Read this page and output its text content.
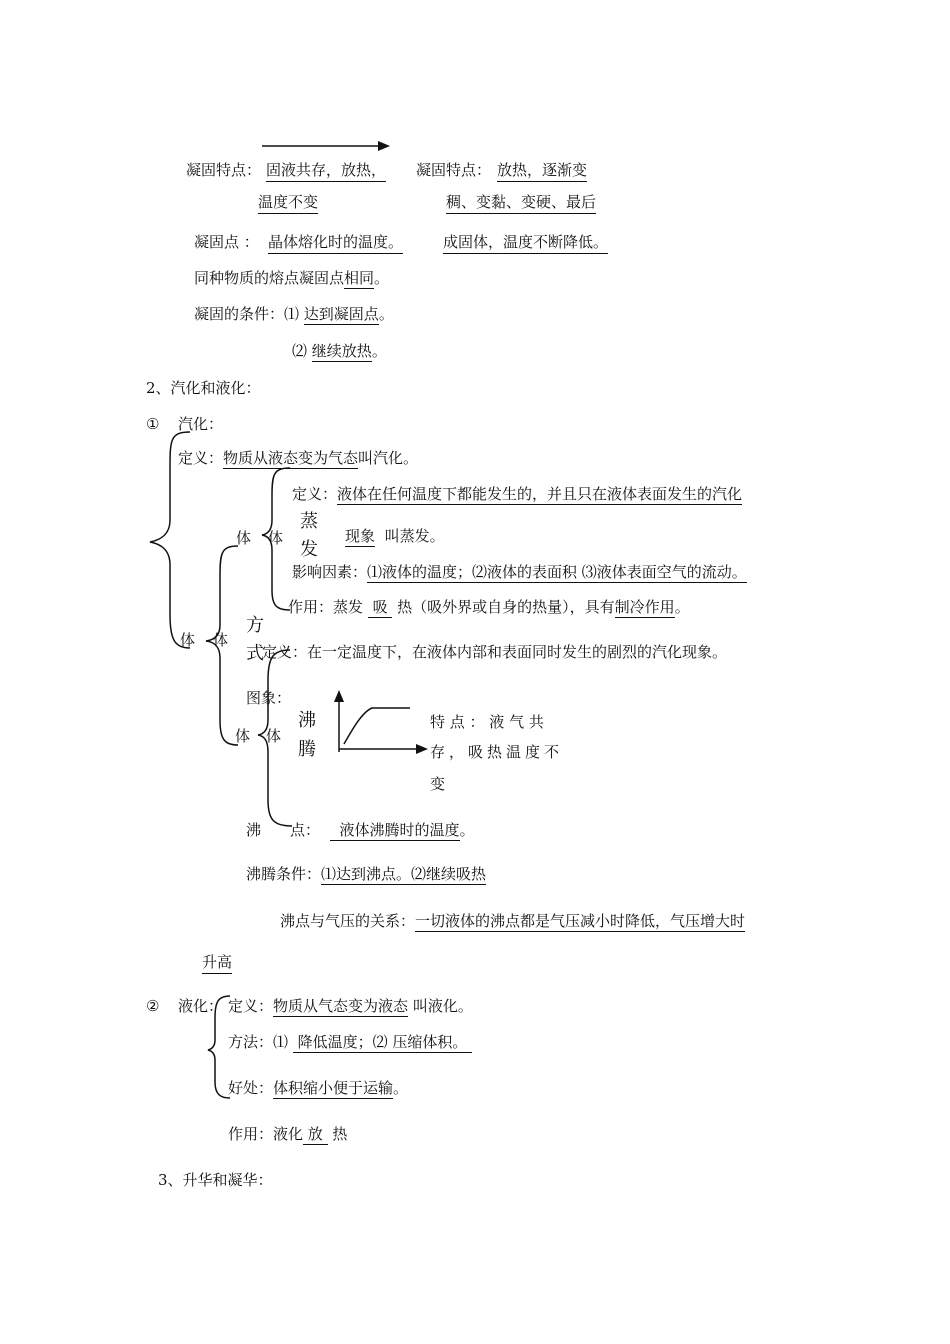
凝固特点： 固液共存，放热，
温度不变
凝固特点： 放热，逐渐变
稠、变黏、变硬、最后
成固体，温度不断降低。
凝固点 ： 晶体熔化时的温度。
同种物质的熔点凝固点相同。
凝固的条件：⑴ 达到凝固点。
⑵ 继续放热。
2、汽化和液化：
① 汽化：
定义：物质从液态变为气态叫汽化。
体 体
蒸
发
定义：液体在任何温度下都能发生的，并且只在液体表面发生的汽化
现象 叫蒸发。
影响因素：⑴液体的温度；⑵液体的表面积 ⑶液体表面空气的流动。
作用：蒸发 吸 热（吸外界或自身的热量），具有制冷作用。
体 体
方
式
定义：在一定温度下，在液体内部和表面同时发生的剧烈的汽化现象。
图象：
体 体
沸
腾
特 点 ： 液 气 共
存，吸热温度不
变
沸 点：	液体沸腾时的温度。
沸腾条件：⑴达到沸点。⑵继续吸热
沸点与气压的关系：一切液体的沸点都是气压减小时降低，气压增大时
升高
② 液化： 定义：物质从气态变为液态 叫液化。
方法：⑴ 降低温度；⑵ 压缩体积。
好处：体积缩小便于运输。
作用：液化 放 热
3、升华和凝华：
